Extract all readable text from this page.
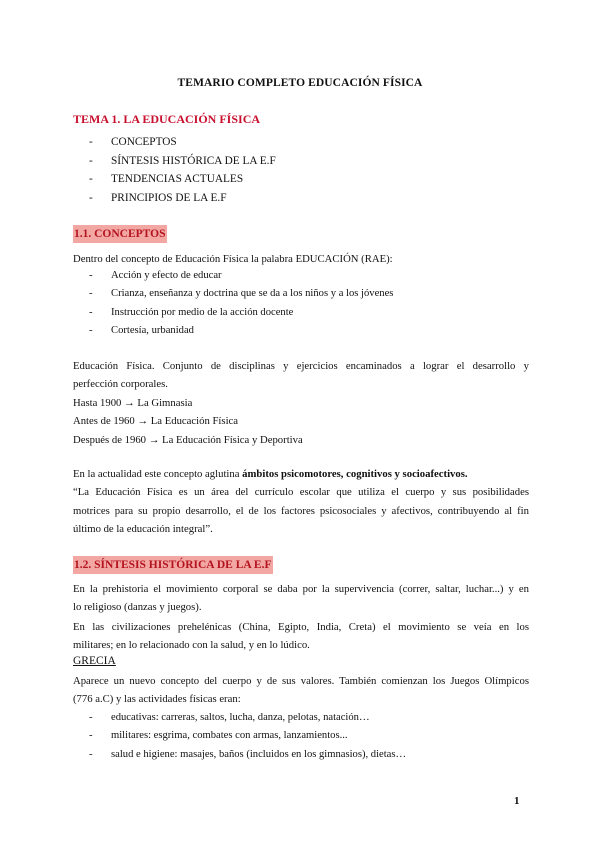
TEMARIO COMPLETO EDUCACIÓN FÍSICA
TEMA 1. LA EDUCACIÓN FÍSICA
- CONCEPTOS
- SÍNTESIS HISTÓRICA DE LA E.F
- TENDENCIAS ACTUALES
- PRINCIPIOS DE LA E.F
1.1. CONCEPTOS

Dentro del concepto de Educación Física la palabra EDUCACIÓN (RAE):

- Acción y efecto de educar
- Crianza, enseñanza y doctrina que se da a los niños y a los jóvenes
- Instrucción por medio de la acción docente
- Cortesía, urbanidad

Educación Física. Conjunto de disciplinas y ejercicios encaminados a lograr el desarrollo y
perfección corporales.

Hasta 1900 → La Gimnasia
Antes de 1960 → La Educación Física
Después de 1960 → La Educación Física y Deportiva

En la actualidad este concepto aglutina ámbitos psicomotores, cognitivos y socioafectivos.
“La Educación Física es un área del currículo escolar que utiliza el cuerpo y sus posibilidades
motrices para su propio desarrollo, el de los factores psicosociales y afectivos, contribuyendo al fin
último de la educación integral”.

1.2. SÍNTESIS HISTÓRICA DE LA E.F

En la prehistoria el movimiento corporal se daba por la supervivencia (correr, saltar, luchar...) y en
lo religioso (danzas y juegos).

En las civilizaciones prehelénicas (China, Egipto, India, Creta) el movimiento se veía en los
militares; en lo relacionado con la salud, y en lo lúdico.

GRECIA

Aparece un nuevo concepto del cuerpo y de sus valores. También comienzan los Juegos Olímpicos
(776 a.C) y las actividades físicas eran:

- educativas: carreras, saltos, lucha, danza, pelotas, natación…
- militares: esgrima, combates con armas, lanzamientos...
- salud e higiene: masajes, baños (incluidos en los gimnasios), dietas…
1
